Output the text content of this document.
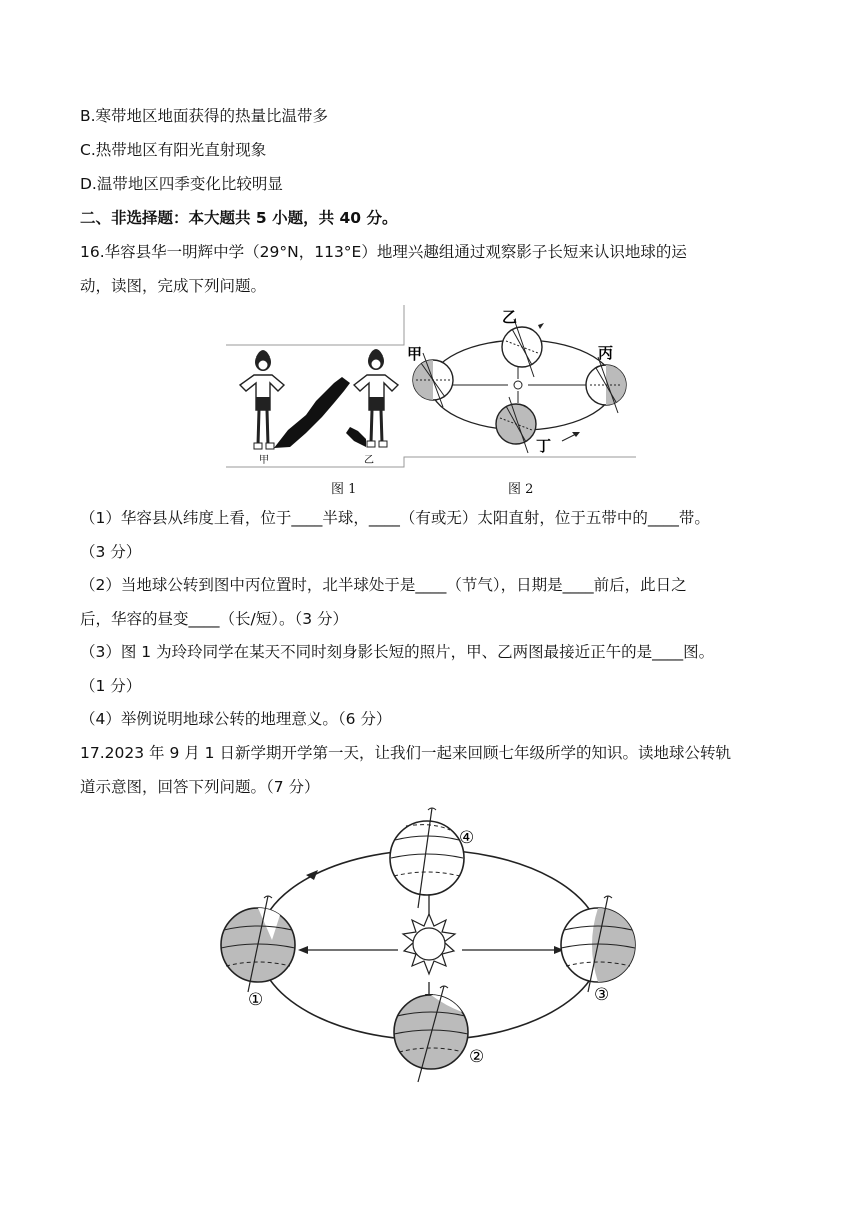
B.寒带地区地面获得的热量比温带多
C.热带地区有阳光直射现象
D.温带地区四季变化比较明显
二、非选择题：本大题共 5 小题，共 40 分。
16.华容县华一明辉中学（29°N，113°E）地理兴趣组通过观察影子长短来认识地球的运
动，读图，完成下列问题。
甲	乙
甲
乙
丙
丁
图 1	图 2
（1）华容县从纬度上看，位于____半球，____（有或无）太阳直射，位于五带中的____带。
（3 分）
（2）当地球公转到图中丙位置时，北半球处于是____（节气），日期是____前后，此日之
后，华容的昼变____（长/短）。（3 分）
（3）图 1 为玲玲同学在某天不同时刻身影长短的照片，甲、乙两图最接近正午的是____图。
（1 分）
（4）举例说明地球公转的地理意义。（6 分）
17.2023 年 9 月 1 日新学期开学第一天，让我们一起来回顾七年级所学的知识。读地球公转轨
道示意图，回答下列问题。（7 分）
①
②
③
④
